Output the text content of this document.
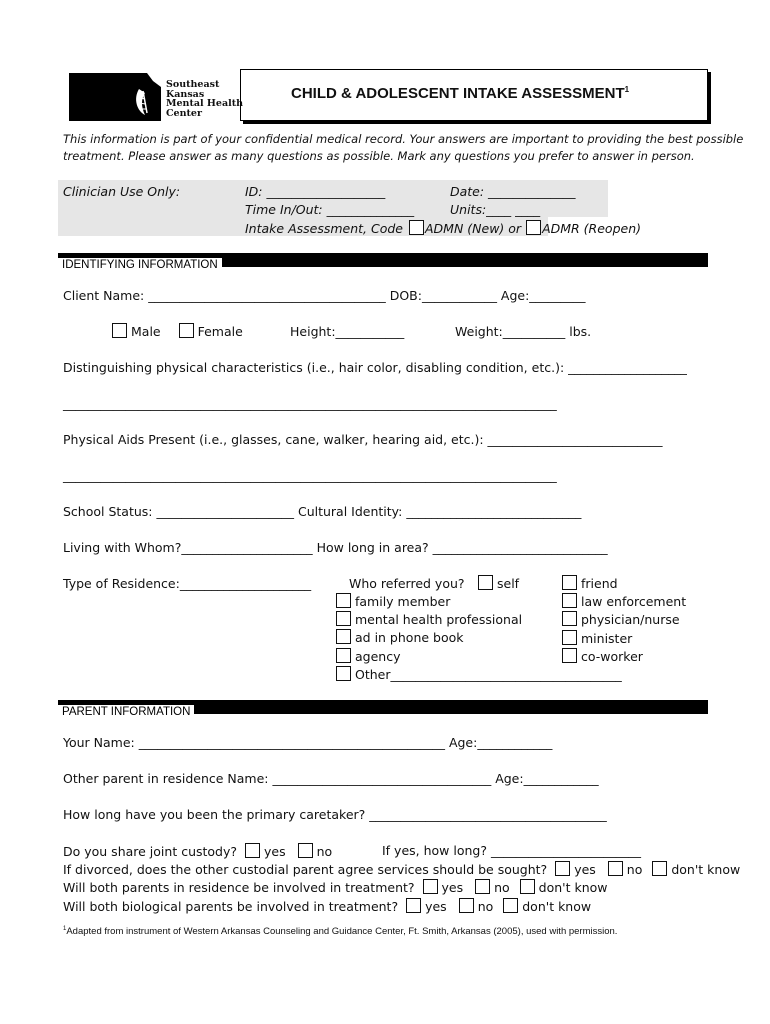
Southeast
Kansas
Mental Health
Center
CHILD & ADOLESCENT INTAKE ASSESSMENT$^1$
This information is part of your confidential medical record. Your answers are important to providing the best possible
treatment. Please answer as many questions as possible. Mark any questions you prefer to answer in person.
Clinician Use Only:	ID: ___________________	Date: ______________
Time In/Out: ______________	Units:____ ____
Intake Assessment, Code ADMN (New) or ADMR (Reopen)
IDENTIFYING INFORMATION
Client Name: ______________________________________ DOB:____________ Age:_________
Male	Female	Height:___________	Weight:__________ lbs.
Distinguishing physical characteristics (i.e., hair color, disabling condition, etc.): ___________________
_______________________________________________________________________________
Physical Aids Present (i.e., glasses, cane, walker, hearing aid, etc.): ____________________________
_______________________________________________________________________________
School Status: ______________________ Cultural Identity: ____________________________
Living with Whom?_____________________ How long in area? ____________________________
Type of Residence:_____________________	Who referred you?	self
family member
mental health professional
ad in phone book
agency
Other_____________________________________
friend
law enforcement
physician/nurse
minister
co-worker
PARENT INFORMATION
Your Name: _________________________________________________ Age:____________
Other parent in residence Name: ___________________________________ Age:____________
How long have you been the primary caretaker? ______________________________________
Do you share joint custody? yes no	If yes, how long? ________________________
If divorced, does the other custodial parent agree services should be sought? yes no don't know
Will both parents in residence be involved in treatment? yes no don't know
Will both biological parents be involved in treatment? yes no don't know
$^1$Adapted from instrument of Western Arkansas Counseling and Guidance Center, Ft. Smith, Arkansas (2005), used with permission.
